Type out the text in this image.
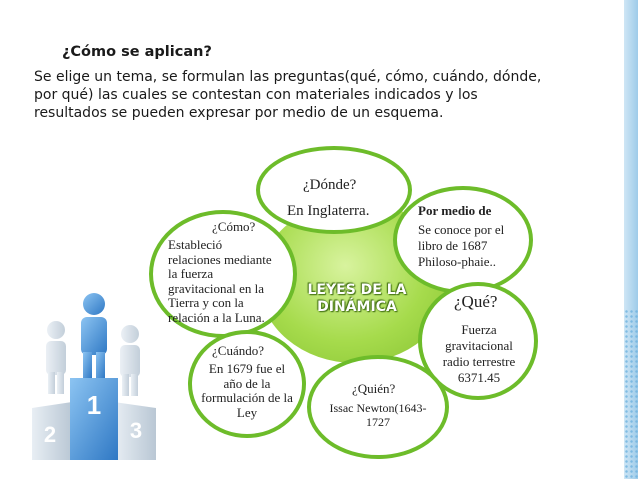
¿Cómo se aplican?
Se elige un tema, se formulan las preguntas(qué, cómo, cuándo, dónde,
por qué) las cuales se contestan con materiales indicados y los
resultados se pueden expresar por medio de un esquema.
LEYES DE LA
DINÁMICA
¿Dónde?
En Inglaterra.
¿Cómo?
Estableció
relaciones mediante
la fuerza
gravitacional en la
Tierra y con la
relación a la Luna.
Por medio de
Se conoce por el
libro de 1687
Philoso-phaie..
¿Qué?
Fuerza
gravitacional
radio terrestre
6371.45
¿Cuándo?
En 1679 fue el
año de la
formulación de la
Ley
¿Quién?
Issac Newton(1643-
1727
1
2	3
